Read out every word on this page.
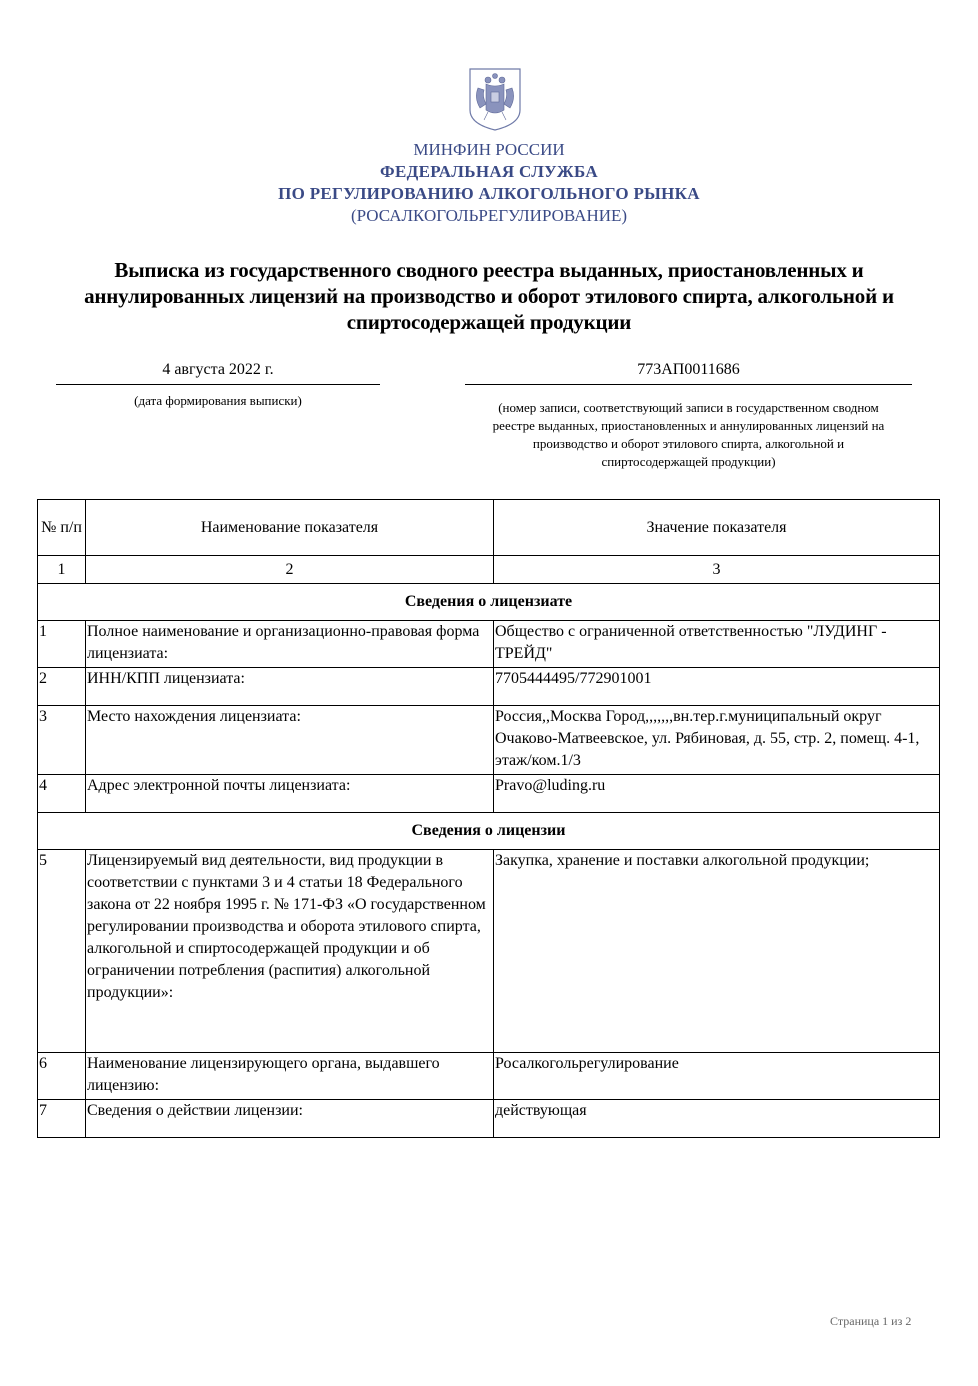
МИНФИН РОССИИ
ФЕДЕРАЛЬНАЯ СЛУЖБА
ПО РЕГУЛИРОВАНИЮ АЛКОГОЛЬНОГО РЫНКА
(РОСАЛКОГОЛЬРЕГУЛИРОВАНИЕ)
Выписка из государственного сводного реестра выданных, приостановленных и аннулированных лицензий на производство и оборот этилового спирта, алкогольной и спиртосодержащей продукции
4 августа 2022 г.
(дата формирования выписки)
773АП0011686
(номер записи, соответствующий записи в государственном сводном реестре выданных, приостановленных и аннулированных лицензий на производство и оборот этилового спирта, алкогольной и спиртосодержащей продукции)
№ п/п	Наименование показателя	Значение показателя
1	2	3
Сведения о лицензиате		
1	Полное наименование и организационно-правовая форма лицензиата:	Общество с ограниченной ответственностью "ЛУДИНГ - ТРЕЙД"
2	ИНН/КПП лицензиата:	7705444495/772901001
3	Место нахождения лицензиата:	Россия,,Москва Город,,,,,,,вн.тер.г.муниципальный округ Очаково-Матвеевское, ул. Рябиновая, д. 55, стр. 2, помещ. 4-1, этаж/ком.1/3
4	Адрес электронной почты лицензиата:	Pravo@luding.ru
Сведения о лицензии		
5	Лицензируемый вид деятельности, вид продукции в соответствии с пунктами 3 и 4 статьи 18 Федерального закона от 22 ноября 1995 г. № 171-ФЗ «О государственном регулировании производства и оборота этилового спирта, алкогольной и спиртосодержащей продукции и об ограничении потребления (распития) алкогольной продукции»:	Закупка, хранение и поставки алкогольной продукции;
6	Наименование лицензирующего органа, выдавшего лицензию:	Росалкогольрегулирование
7	Сведения о действии лицензии:	действующая
Страница 1 из 2
